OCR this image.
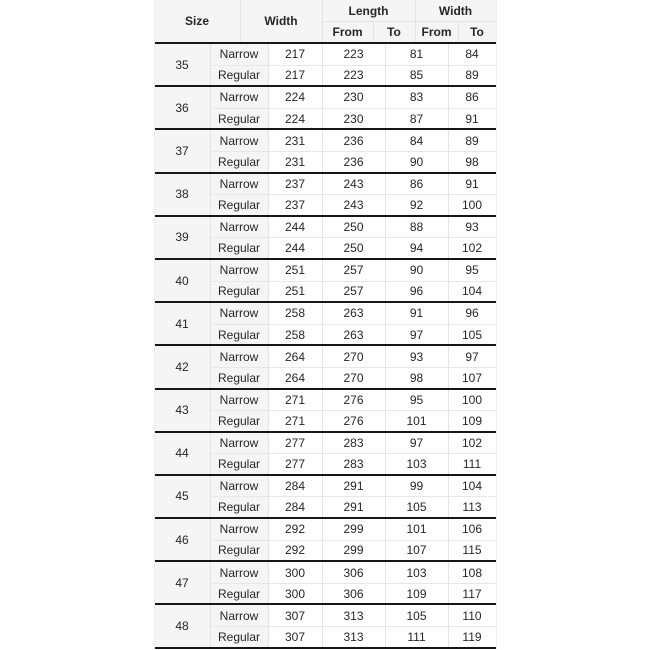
Size	Width
Length	Width
From	To	From	To
35
Narrow	217	223	81	84
Regular	217	223	85	89
36
Narrow	224	230	83	86
Regular	224	230	87	91
37
Narrow	231	236	84	89
Regular	231	236	90	98
38
Narrow	237	243	86	91
Regular	237	243	92	100
39
Narrow	244	250	88	93
Regular	244	250	94	102
40
Narrow	251	257	90	95
Regular	251	257	96	104
41
Narrow	258	263	91	96
Regular	258	263	97	105
42
Narrow	264	270	93	97
Regular	264	270	98	107
43
Narrow	271	276	95	100
Regular	271	276	101	109
44
Narrow	277	283	97	102
Regular	277	283	103	111
45
Narrow	284	291	99	104
Regular	284	291	105	113
46
Narrow	292	299	101	106
Regular	292	299	107	115
47
Narrow	300	306	103	108
Regular	300	306	109	117
48
Narrow	307	313	105	110
Regular	307	313	111	119
